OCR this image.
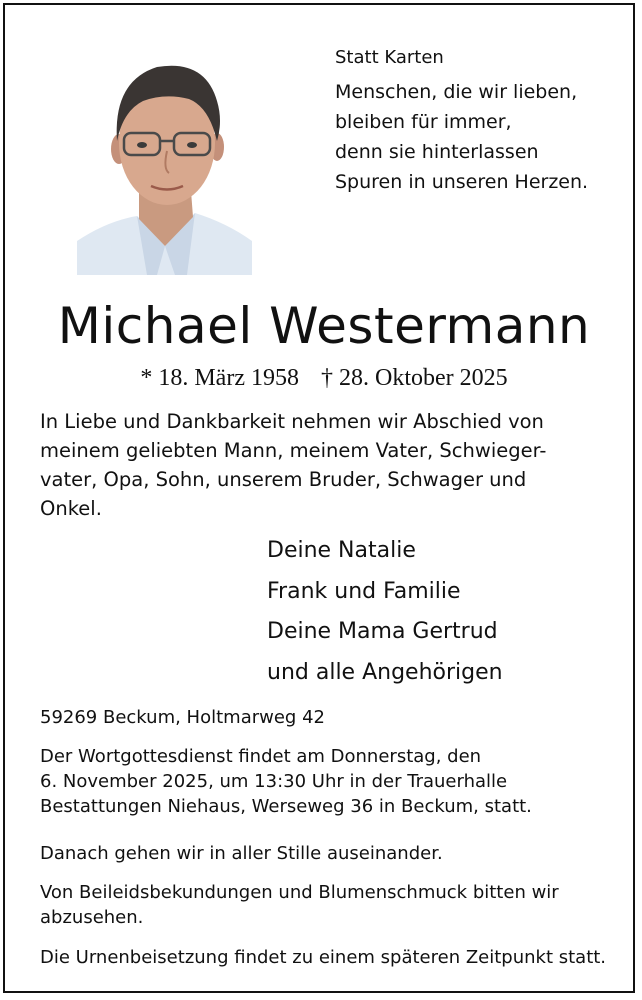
Statt Karten
Menschen, die wir lieben,
bleiben für immer,
denn sie hinterlassen
Spuren in unseren Herzen.
Michael Westermann
* 18. März 1958 † 28. Oktober 2025
In Liebe und Dankbarkeit nehmen wir Abschied von
meinem geliebten Mann, meinem Vater, Schwieger-
vater, Opa, Sohn, unserem Bruder, Schwager und
Onkel.
Deine Natalie
Frank und Familie
Deine Mama Gertrud
und alle Angehörigen
59269 Beckum, Holtmarweg 42
Der Wortgottesdienst findet am Donnerstag, den
6. November 2025, um 13:30 Uhr in der Trauerhalle
Bestattungen Niehaus, Werseweg 36 in Beckum, statt.
Danach gehen wir in aller Stille auseinander.
Von Beileidsbekundungen und Blumenschmuck bitten wir
abzusehen.
Die Urnenbeisetzung findet zu einem späteren Zeitpunkt statt.
